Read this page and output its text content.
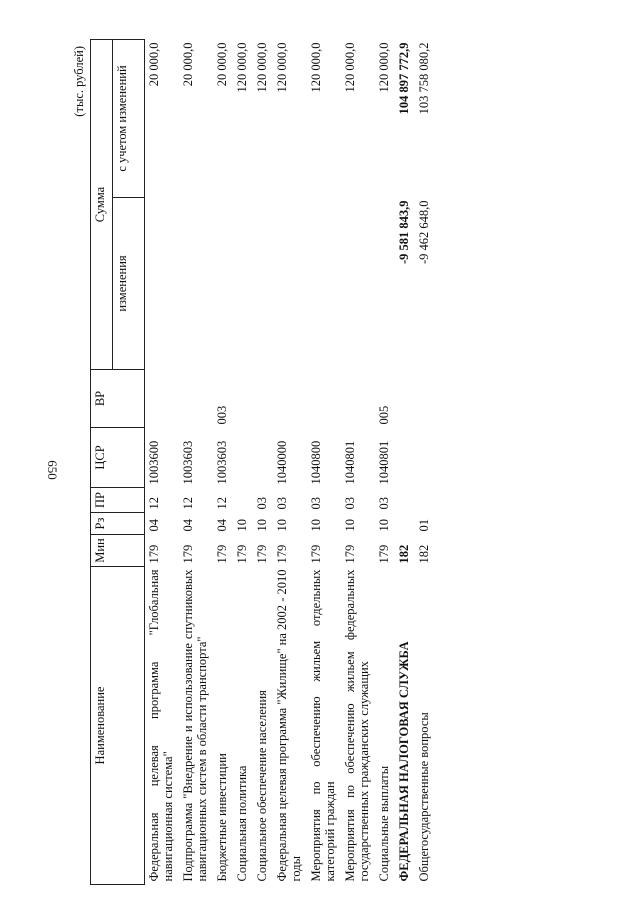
650
(тыс. рублей)
Наименование	Мин	Рз	ПР	ЦСР	ВР	Сумма	
						изменения	с учетом изменений
Федеральная целевая программа "Глобальная навигационная система"	179	04	12	1003600			20 000,0
Подпрограмма "Внедрение и использование спутниковых навигационных систем в области транспорта"	179	04	12	1003603			20 000,0
Бюджетные инвестиции	179	04	12	1003603	003		20 000,0
Социальная политика	179	10					120 000,0
Социальное обеспечение населения	179	10	03				120 000,0
Федеральная целевая программа "Жилище" на 2002 - 2010 годы	179	10	03	1040000			120 000,0
Мероприятия по обеспечению жильем отдельных категорий граждан	179	10	03	1040800			120 000,0
Мероприятия по обеспечению жильем федеральных государственных гражданских служащих	179	10	03	1040801			120 000,0
Социальные выплаты	179	10	03	1040801	005		120 000,0
ФЕДЕРАЛЬНАЯ НАЛОГОВАЯ СЛУЖБА	182					-9 581 843,9	104 897 772,9
Общегосударственные вопросы	182	01				-9 462 648,0	103 758 080,2
